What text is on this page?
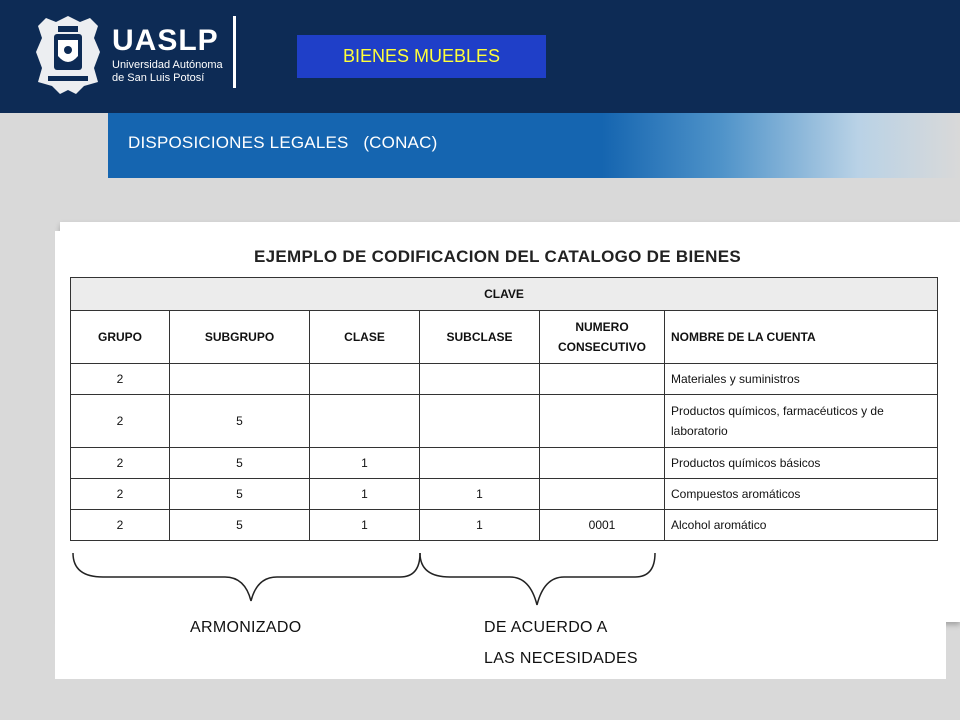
UASLP
Universidad Autónoma
de San Luis Potosí
BIENES MUEBLES
DISPOSICIONES LEGALES   (CONAC)
EJEMPLO DE CODIFICACION DEL CATALOGO DE BIENES
CLAVE					
GRUPO	SUBGRUPO	CLASE	SUBCLASE	NUMERO CONSECUTIVO	NOMBRE DE LA CUENTA
2					Materiales y suministros
2	5				Productos químicos, farmacéuticos y de laboratorio
2	5	1			Productos químicos básicos
2	5	1	1		Compuestos aromáticos
2	5	1	1	0001	Alcohol aromático
ARMONIZADO	DE ACUERDO A
LAS NECESIDADES
